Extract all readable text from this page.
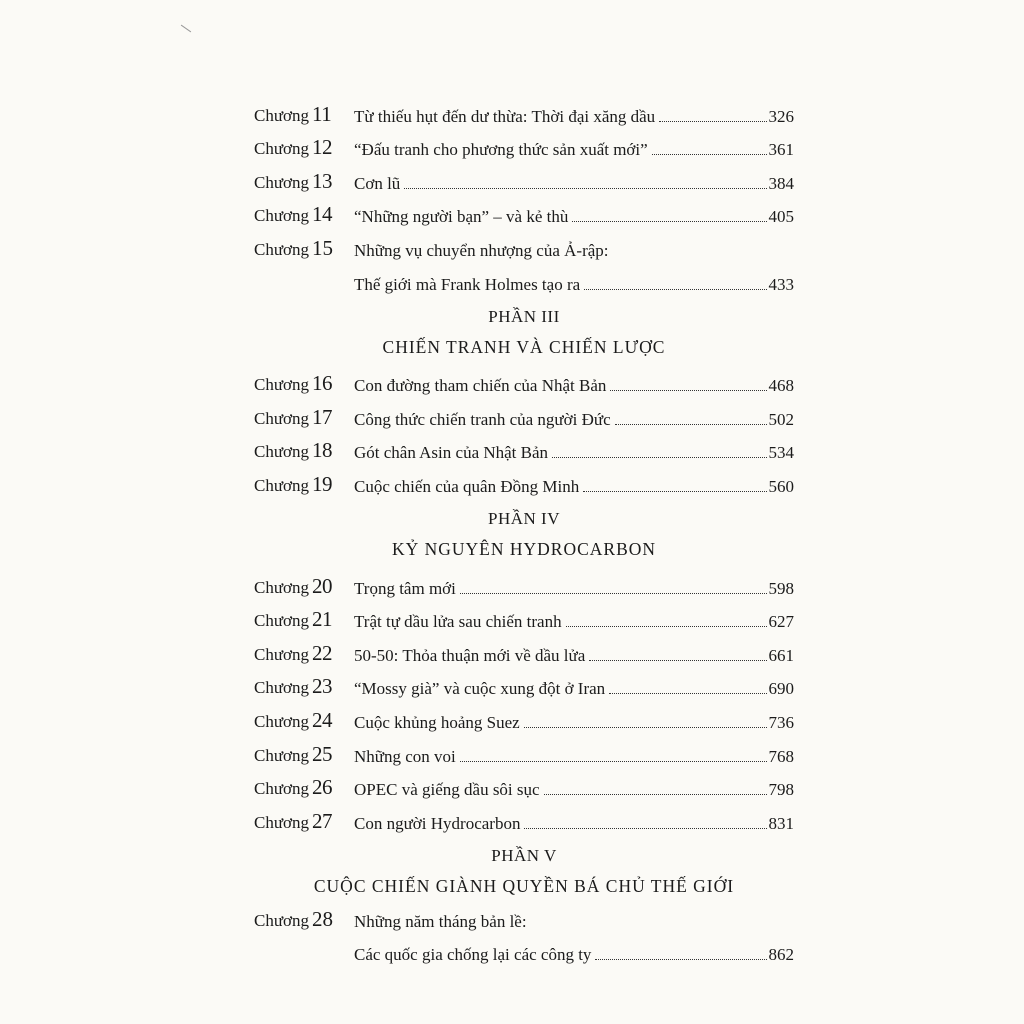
Chương 11	Từ thiếu hụt đến dư thừa: Thời đại xăng dầu	326
Chương 12	“Đấu tranh cho phương thức sản xuất mới”	361
Chương 13	Cơn lũ	384
Chương 14	“Những người bạn” – và kẻ thù	405
Chương 15	Những vụ chuyển nhượng của Ả-rập:
Thế giới mà Frank Holmes tạo ra	433
PHẦN III
CHIẾN TRANH VÀ CHIẾN LƯỢC
Chương 16	Con đường tham chiến của Nhật Bản	468
Chương 17	Công thức chiến tranh của người Đức	502
Chương 18	Gót chân Asin của Nhật Bản	534
Chương 19	Cuộc chiến của quân Đồng Minh	560
PHẦN IV
KỶ NGUYÊN HYDROCARBON
Chương 20	Trọng tâm mới	598
Chương 21	Trật tự dầu lửa sau chiến tranh	627
Chương 22	50-50: Thỏa thuận mới về dầu lửa	661
Chương 23	“Mossy già” và cuộc xung đột ở Iran	690
Chương 24	Cuộc khủng hoảng Suez	736
Chương 25	Những con voi	768
Chương 26	OPEC và giếng dầu sôi sục	798
Chương 27	Con người Hydrocarbon	831
PHẦN V
CUỘC CHIẾN GIÀNH QUYỀN BÁ CHỦ THẾ GIỚI
Chương 28	Những năm tháng bản lề:
Các quốc gia chống lại các công ty	862
